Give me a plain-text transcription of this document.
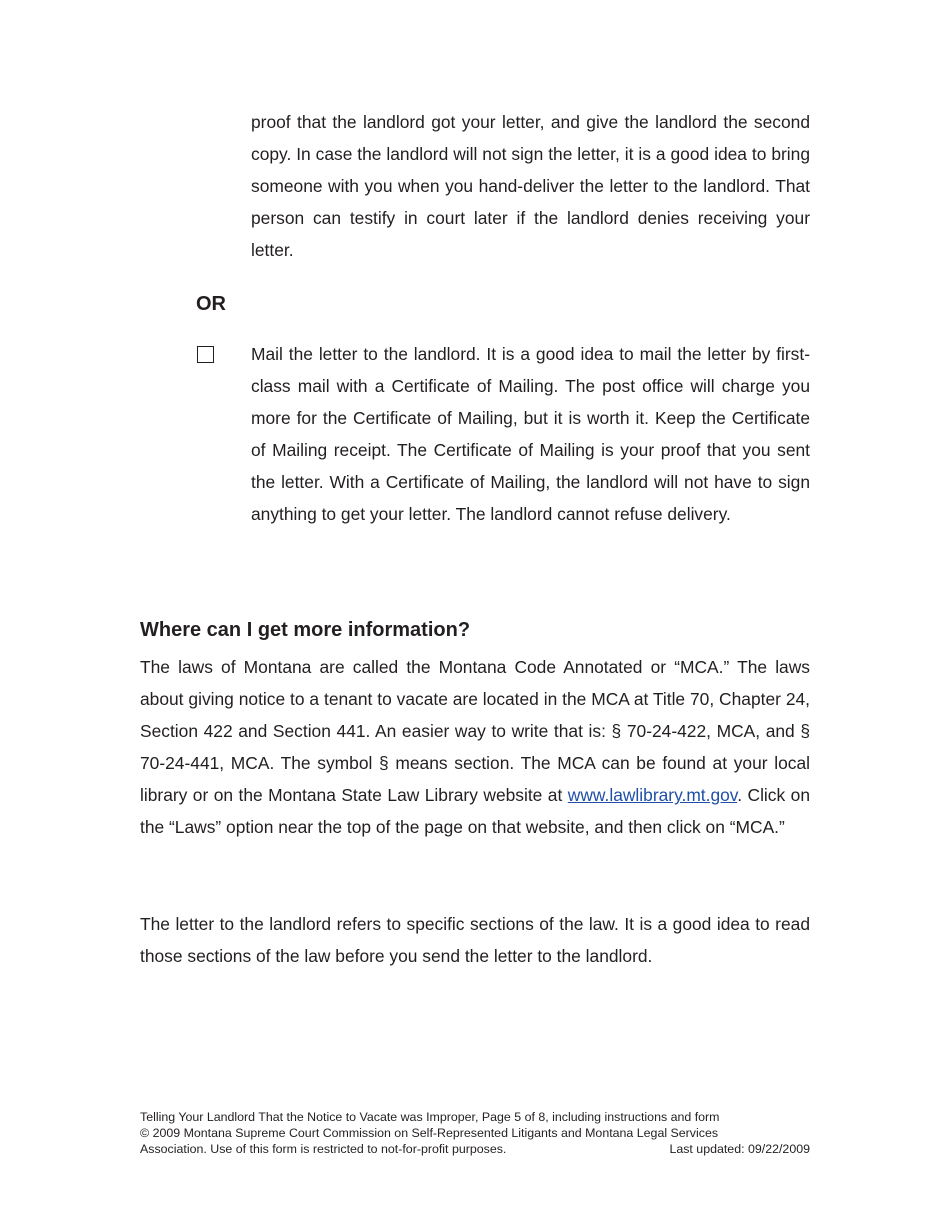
proof that the landlord got your letter, and give the landlord the second copy. In case the landlord will not sign the letter, it is a good idea to bring someone with you when you hand-deliver the letter to the landlord. That person can testify in court later if the landlord denies receiving your letter.

OR

Mail the letter to the landlord. It is a good idea to mail the letter by first-class mail with a Certificate of Mailing. The post office will charge you more for the Certificate of Mailing, but it is worth it. Keep the Certificate of Mailing receipt. The Certificate of Mailing is your proof that you sent the letter. With a Certificate of Mailing, the landlord will not have to sign anything to get your letter. The landlord cannot refuse delivery.

Where can I get more information?

The laws of Montana are called the Montana Code Annotated or “MCA.” The laws about giving notice to a tenant to vacate are located in the MCA at Title 70, Chapter 24, Section 422 and Section 441. An easier way to write that is: § 70-24-422, MCA, and § 70-24-441, MCA. The symbol § means section. The MCA can be found at your local library or on the Montana State Law Library website at www.lawlibrary.mt.gov. Click on the “Laws” option near the top of the page on that website, and then click on “MCA.”

The letter to the landlord refers to specific sections of the law. It is a good idea to read those sections of the law before you send the letter to the landlord.

Telling Your Landlord That the Notice to Vacate was Improper, Page 5 of 8, including instructions and form
© 2009 Montana Supreme Court Commission on Self-Represented Litigants and Montana Legal Services
Association. Use of this form is restricted to not-for-profit purposes.	Last updated: 09/22/2009
